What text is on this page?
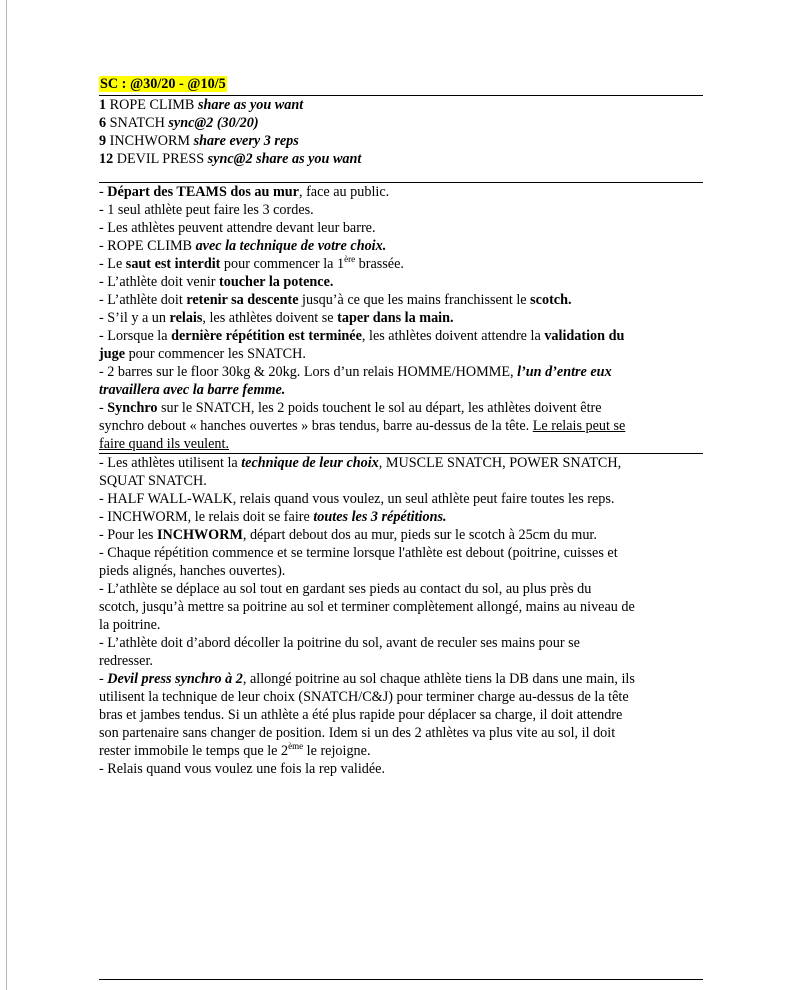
SC : @30/20 - @10/5
1 ROPE CLIMB share as you want
6 SNATCH sync@2 (30/20)
9 INCHWORM share every 3 reps
12 DEVIL PRESS sync@2 share as you want
- Départ des TEAMS dos au mur, face au public.
- 1 seul athlète peut faire les 3 cordes.
- Les athlètes peuvent attendre devant leur barre.
- ROPE CLIMB avec la technique de votre choix.
- Le saut est interdit pour commencer la 1ère brassée.
- L’athlète doit venir toucher la potence.
- L’athlète doit retenir sa descente jusqu’à ce que les mains franchissent le scotch.
- S’il y a un relais, les athlètes doivent se taper dans la main.
- Lorsque la dernière répétition est terminée, les athlètes doivent attendre la validation du
juge pour commencer les SNATCH.
- 2 barres sur le floor 30kg & 20kg. Lors d’un relais HOMME/HOMME, l’un d’entre eux
travaillera avec la barre femme.
- Synchro sur le SNATCH, les 2 poids touchent le sol au départ, les athlètes doivent être
synchro debout « hanches ouvertes » bras tendus, barre au-dessus de la tête. Le relais peut se
faire quand ils veulent.
- Les athlètes utilisent la technique de leur choix, MUSCLE SNATCH, POWER SNATCH,
SQUAT SNATCH.
- HALF WALL-WALK, relais quand vous voulez, un seul athlète peut faire toutes les reps.
- INCHWORM, le relais doit se faire toutes les 3 répétitions.
- Pour les INCHWORM, départ debout dos au mur, pieds sur le scotch à 25cm du mur.
- Chaque répétition commence et se termine lorsque l'athlète est debout (poitrine, cuisses et
pieds alignés, hanches ouvertes).
- L’athlète se déplace au sol tout en gardant ses pieds au contact du sol, au plus près du
scotch, jusqu’à mettre sa poitrine au sol et terminer complètement allongé, mains au niveau de
la poitrine.
- L’athlète doit d’abord décoller la poitrine du sol, avant de reculer ses mains pour se
redresser.
- Devil press synchro à 2, allongé poitrine au sol chaque athlète tiens la DB dans une main, ils
utilisent la technique de leur choix (SNATCH/C&J) pour terminer charge au-dessus de la tête
bras et jambes tendus. Si un athlète a été plus rapide pour déplacer sa charge, il doit attendre
son partenaire sans changer de position. Idem si un des 2 athlètes va plus vite au sol, il doit
rester immobile le temps que le 2ème le rejoigne.
- Relais quand vous voulez une fois la rep validée.
